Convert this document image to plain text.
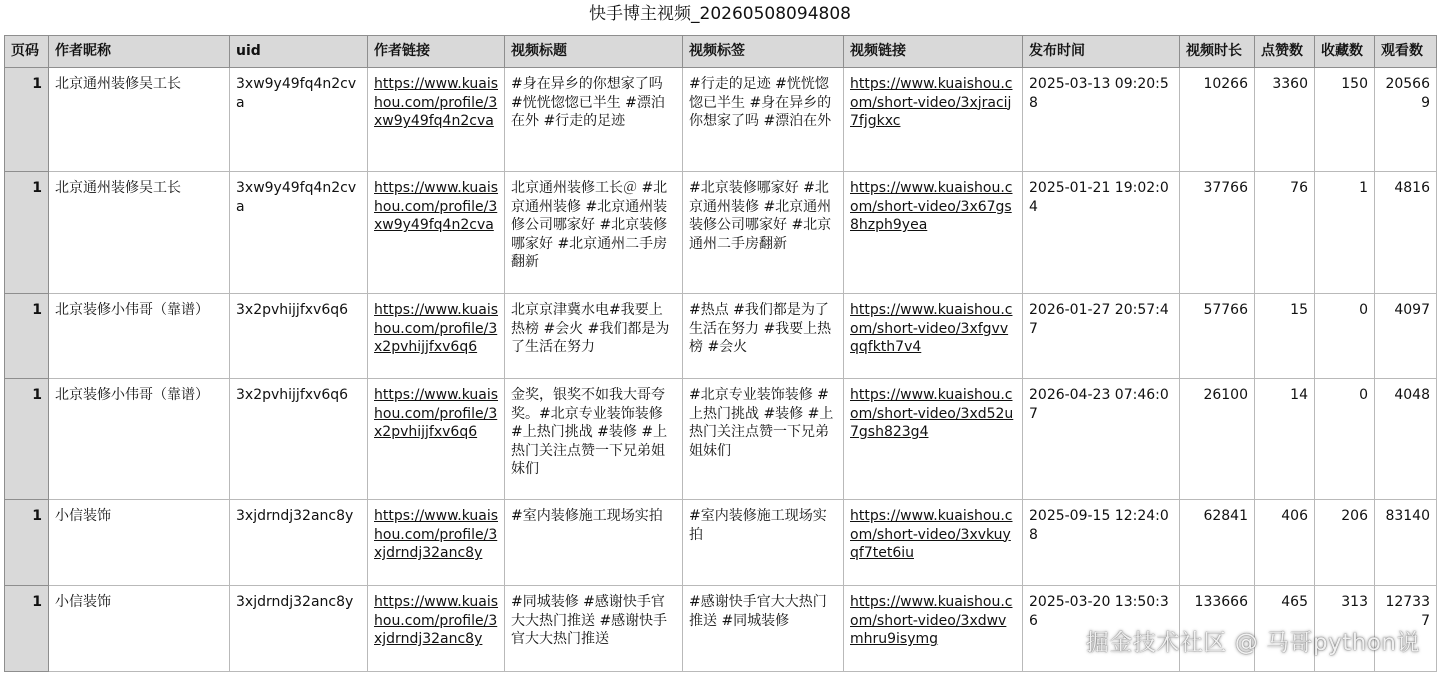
快手博主视频_20260508094808
页码	作者昵称	uid	作者链接	视频标题	视频标签	视频链接	发布时间	视频时长	点赞数	收藏数	观看数
1	北京通州装修吴工长	3xw9y49fq4n2cva	https://www.kuaishou.com/profile/3xw9y49fq4n2cva	#身在异乡的你想家了吗 #恍恍惚惚已半生 #漂泊在外 #行走的足迹	#行走的足迹 #恍恍惚惚已半生 #身在异乡的你想家了吗 #漂泊在外	https://www.kuaishou.com/short-video/3xjracij7fjgkxc	2025-03-13 09:20:58	10266	3360	150	205669
1	北京通州装修吴工长	3xw9y49fq4n2cva	https://www.kuaishou.com/profile/3xw9y49fq4n2cva	北京通州装修工长＠ #北京通州装修 #北京通州装修公司哪家好 #北京装修哪家好 #北京通州二手房翻新	#北京装修哪家好 #北京通州装修 #北京通州装修公司哪家好 #北京通州二手房翻新	https://www.kuaishou.com/short-video/3x67gs8hzph9yea	2025-01-21 19:02:04	37766	76	1	4816
1	北京装修小伟哥（靠谱）	3x2pvhijjfxv6q6	https://www.kuaishou.com/profile/3x2pvhijjfxv6q6	北京京津冀水电#我要上热榜 #会火 #我们都是为了生活在努力	#热点 #我们都是为了生活在努力 #我要上热榜 #会火	https://www.kuaishou.com/short-video/3xfgvvqqfkth7v4	2026-01-27 20:57:47	57766	15	0	4097
1	北京装修小伟哥（靠谱）	3x2pvhijjfxv6q6	https://www.kuaishou.com/profile/3x2pvhijjfxv6q6	金奖，银奖不如我大哥夸奖。#北京专业装饰装修 #上热门挑战 #装修 #上热门关注点赞一下兄弟姐妹们	#北京专业装饰装修 #上热门挑战 #装修 #上热门关注点赞一下兄弟姐妹们	https://www.kuaishou.com/short-video/3xd52u7gsh823g4	2026-04-23 07:46:07	26100	14	0	4048
1	小信装饰	3xjdrndj32anc8y	https://www.kuaishou.com/profile/3xjdrndj32anc8y	#室内装修施工现场实拍	#室内装修施工现场实拍	https://www.kuaishou.com/short-video/3xvkuyqf7tet6iu	2025-09-15 12:24:08	62841	406	206	83140
1	小信装饰	3xjdrndj32anc8y	https://www.kuaishou.com/profile/3xjdrndj32anc8y	#同城装修 #感谢快手官大大热门推送 #感谢快手官大大热门推送	#感谢快手官大大热门推送 #同城装修	https://www.kuaishou.com/short-video/3xdwvmhru9isymg	2025-03-20 13:50:36	133666	465	313	127337
掘金技术社区 @ 马哥python说
